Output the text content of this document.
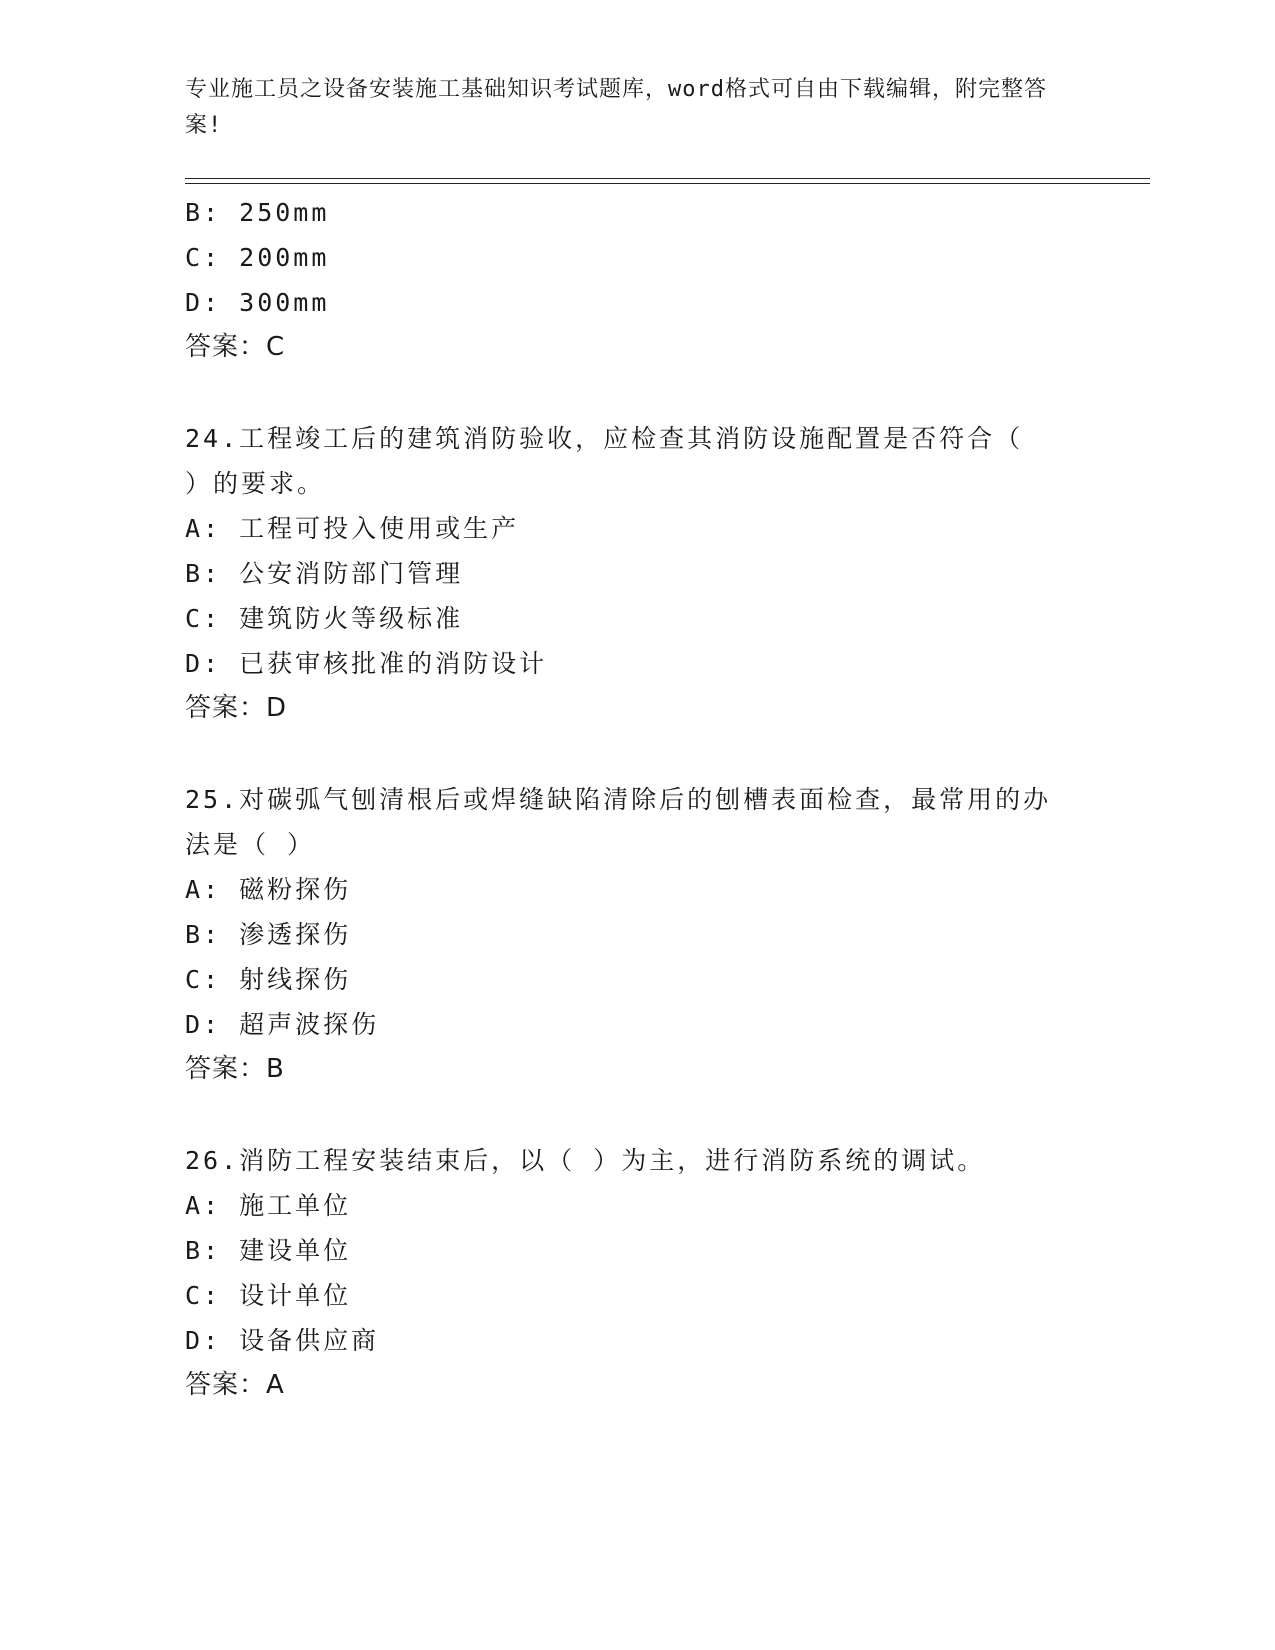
专业施工员之设备安装施工基础知识考试题库，word格式可自由下载编辑，附完整答案!
B: 250mm
C: 200mm
D: 300mm
答案：C
24.工程竣工后的建筑消防验收，应检查其消防设施配置是否符合（
）的要求。
A: 工程可投入使用或生产
B: 公安消防部门管理
C: 建筑防火等级标准
D: 已获审核批准的消防设计
答案：D
25.对碳弧气刨清根后或焊缝缺陷清除后的刨槽表面检查，最常用的办
法是（ ）
A: 磁粉探伤
B: 渗透探伤
C: 射线探伤
D: 超声波探伤
答案：B
26.消防工程安装结束后，以（ ）为主，进行消防系统的调试。
A: 施工单位
B: 建设单位
C: 设计单位
D: 设备供应商
答案：A
